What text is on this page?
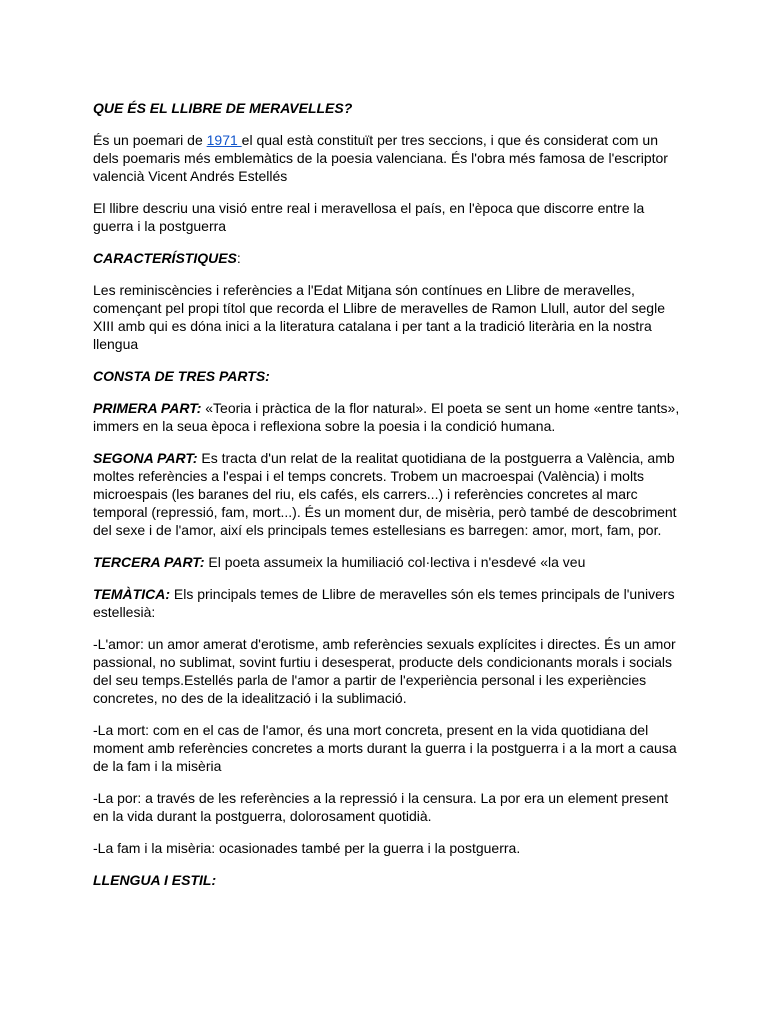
QUE ÉS EL LLIBRE DE MERAVELLES?

És un poemari de 1971 el qual està constituït per tres seccions, i que és considerat com un dels poemaris més emblemàtics de la poesia valenciana. És l'obra més famosa de l'escriptor valencià Vicent Andrés Estellés

El llibre descriu una visió entre real i meravellosa el país, en l'època que discorre entre la guerra i la postguerra

CARACTERÍSTIQUES:

Les reminiscències i referències a l'Edat Mitjana són contínues en Llibre de meravelles, començant pel propi títol que recorda el Llibre de meravelles de Ramon Llull, autor del segle XIII amb qui es dóna inici a la literatura catalana i per tant a la tradició literària en la nostra llengua

CONSTA DE TRES PARTS:

PRIMERA PART: «Teoria i pràctica de la flor natural». El poeta se sent un home «entre tants», immers en la seua època i reflexiona sobre la poesia i la condició humana.

SEGONA PART: Es tracta d'un relat de la realitat quotidiana de la postguerra a València, amb moltes referències a l'espai i el temps concrets. Trobem un macroespai (València) i molts microespais (les baranes del riu, els cafés, els carrers...) i referències concretes al marc temporal (repressió, fam, mort...). És un moment dur, de misèria, però també de descobriment del sexe i de l'amor, així els principals temes estellesians es barregen: amor, mort, fam, por.

TERCERA PART: El poeta assumeix la humiliació col·lectiva i n'esdevé «la veu

TEMÀTICA: Els principals temes de Llibre de meravelles són els temes principals de l'univers estellesià:

-L'amor: un amor amerat d'erotisme, amb referències sexuals explícites i directes. És un amor passional, no sublimat, sovint furtiu i desesperat, producte dels condicionants morals i socials del seu temps.Estellés parla de l'amor a partir de l'experiència personal i les experiències concretes, no des de la idealització i la sublimació.

-La mort: com en el cas de l'amor, és una mort concreta, present en la vida quotidiana del moment amb referències concretes a morts durant la guerra i la postguerra i a la mort a causa de la fam i la misèria

-La por: a través de les referències a la repressió i la censura. La por era un element present en la vida durant la postguerra, dolorosament quotidià.

-La fam i la misèria: ocasionades també per la guerra i la postguerra.

LLENGUA I ESTIL:
